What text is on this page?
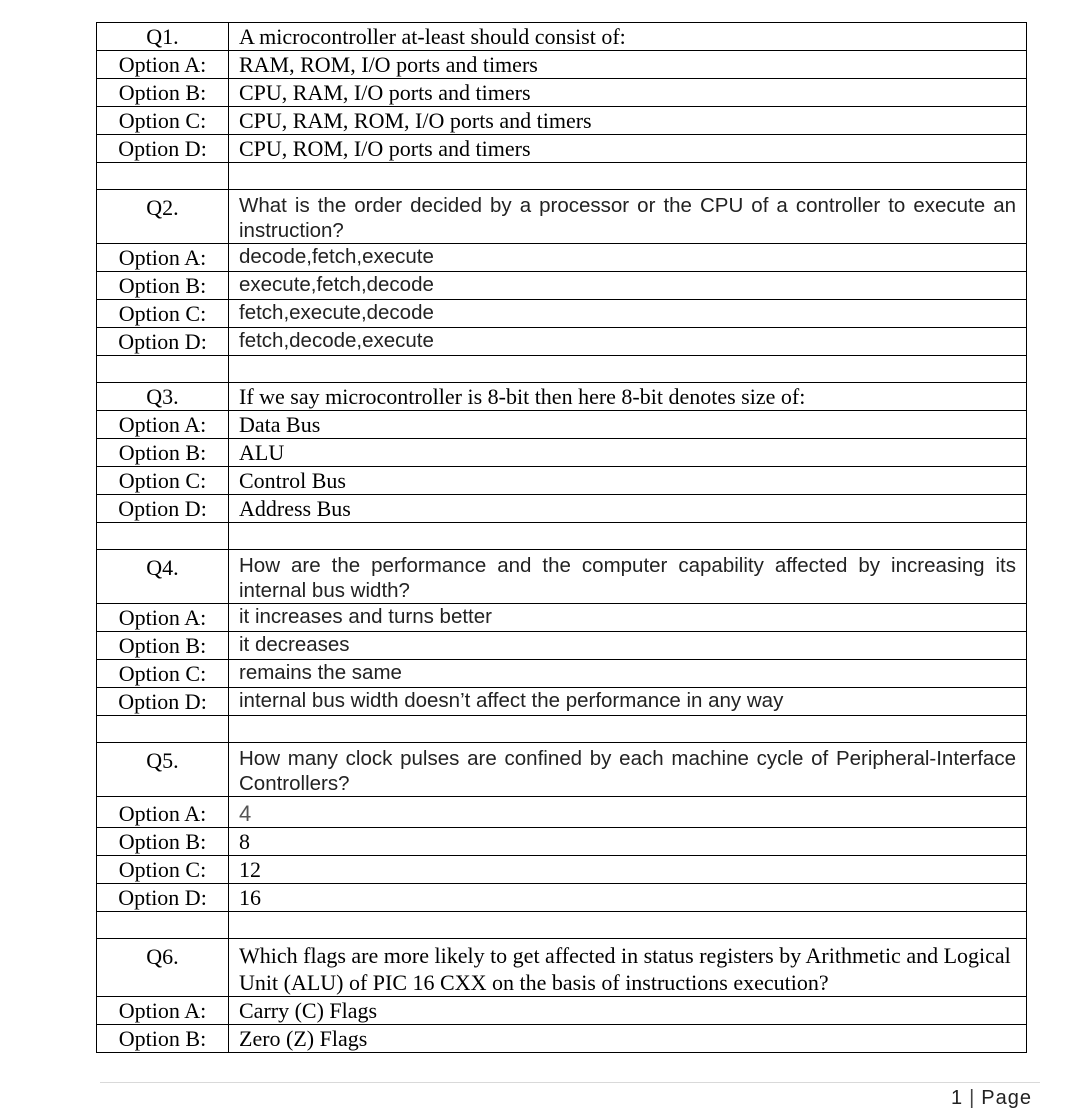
Q1.	A microcontroller at-least should consist of:
Option A:	RAM, ROM, I/O ports and timers
Option B:	CPU, RAM, I/O ports and timers
Option C:	CPU, RAM, ROM, I/O ports and timers
Option D:	CPU, ROM, I/O ports and timers

Q2.	What is the order decided by a processor or the CPU of a controller to execute an instruction?
Option A:	decode,fetch,execute
Option B:	execute,fetch,decode
Option C:	fetch,execute,decode
Option D:	fetch,decode,execute

Q3.	If we say microcontroller is 8-bit then here 8-bit denotes size of:
Option A:	Data Bus
Option B:	ALU
Option C:	Control Bus
Option D:	Address Bus

Q4.	How are the performance and the computer capability affected by increasing its internal bus width?
Option A:	it increases and turns better
Option B:	it decreases
Option C:	remains the same
Option D:	internal bus width doesn’t affect the performance in any way

Q5.	How many clock pulses are confined by each machine cycle of Peripheral-Interface Controllers?
Option A:	4
Option B:	8
Option C:	12
Option D:	16

Q6.	Which flags are more likely to get affected in status registers by Arithmetic and Logical Unit (ALU) of PIC 16 CXX on the basis of instructions execution?
Option A:	Carry (C) Flags
Option B:	Zero (Z) Flags
1 | Page
